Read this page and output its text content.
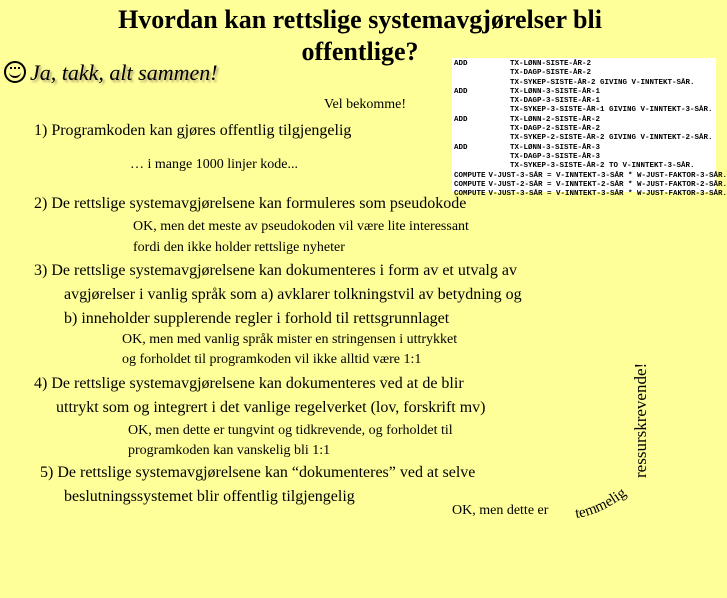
Hvordan kan rettslige systemavgjørelser bli offentlige?
Ja, takk, alt sammen!	ADD	TX-LØNN-SISTE-ÅR-2
TX-DAGP-SISTE-ÅR-2
TX-SYKEP-SISTE-ÅR-2 GIVING V-INNTEKT-SÅR.
ADD	TX-LØNN-3-SISTE-ÅR-1
TX-DAGP-3-SISTE-ÅR-1
TX-SYKEP-3-SISTE-ÅR-1 GIVING V-INNTEKT-3-SÅR.
ADD	TX-LØNN-2-SISTE-ÅR-2
TX-DAGP-2-SISTE-ÅR-2
TX-SYKEP-2-SISTE-ÅR-2 GIVING V-INNTEKT-2-SÅR.
ADD	TX-LØNN-3-SISTE-ÅR-3
TX-DAGP-3-SISTE-ÅR-3
TX-SYKEP-3-SISTE-ÅR-2 TO V-INNTEKT-3-SÅR.
COMPUTE V-JUST-3-SÅR = V-INNTEKT-3-SÅR * W-JUST-FAKTOR-3-SÅR.
COMPUTE V-JUST-2-SÅR = V-INNTEKT-2-SÅR * W-JUST-FAKTOR-2-SÅR.
COMPUTE V-JUST-3-SÅR = V-INNTEKT-3-SÅR * W-JUST-FAKTOR-3-SÅR.
Vel bekomme!
1) Programkoden kan gjøres offentlig tilgjengelig
… i mange 1000 linjer kode...
2) De rettslige systemavgjørelsene kan formuleres som pseudokode
OK, men det meste av pseudokoden vil være lite interessant
fordi den ikke holder rettslige nyheter
3) De rettslige systemavgjørelsene kan dokumenteres i form av et utvalg av
avgjørelser i vanlig språk som a) avklarer tolkningstvil av betydning og
b) inneholder supplerende regler i forhold til rettsgrunnlaget
OK, men med vanlig språk mister en stringensen i uttrykket
og forholdet til programkoden vil ikke alltid være 1:1
4) De rettslige systemavgjørelsene kan dokumenteres ved at de blir
uttrykt som og integrert i det vanlige regelverket (lov, forskrift mv)
OK, men dette er tungvint og tidkrevende, og forholdet til
programkoden kan vanskelig bli 1:1
5) De rettslige systemavgjørelsene kan “dokumenteres” ved at selve
beslutningssystemet blir offentlig tilgjengelig
OK, men dette er temmelig
ressurskrevende!
